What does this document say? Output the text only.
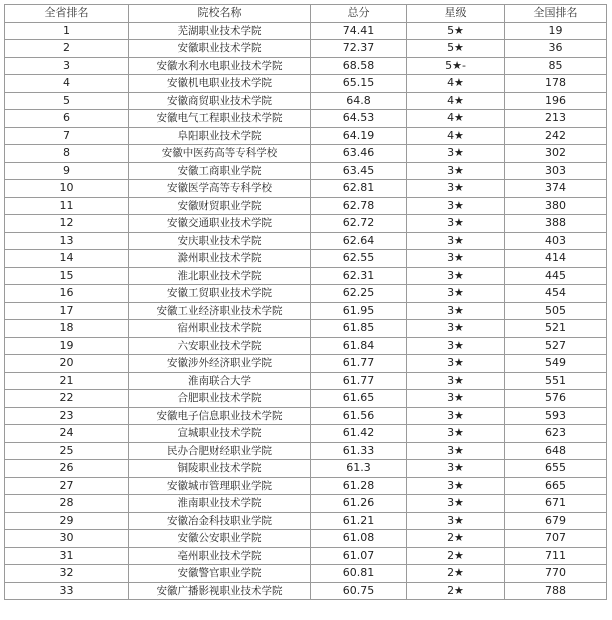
全省排名	院校名称	总分	星级	全国排名
1	芜湖职业技术学院	74.41	5★	19
2	安徽职业技术学院	72.37	5★	36
3	安徽水利水电职业技术学院	68.58	5★-	85
4	安徽机电职业技术学院	65.15	4★	178
5	安徽商贸职业技术学院	64.8	4★	196
6	安徽电气工程职业技术学院	64.53	4★	213
7	阜阳职业技术学院	64.19	4★	242
8	安徽中医药高等专科学校	63.46	3★	302
9	安徽工商职业学院	63.45	3★	303
10	安徽医学高等专科学校	62.81	3★	374
11	安徽财贸职业学院	62.78	3★	380
12	安徽交通职业技术学院	62.72	3★	388
13	安庆职业技术学院	62.64	3★	403
14	滁州职业技术学院	62.55	3★	414
15	淮北职业技术学院	62.31	3★	445
16	安徽工贸职业技术学院	62.25	3★	454
17	安徽工业经济职业技术学院	61.95	3★	505
18	宿州职业技术学院	61.85	3★	521
19	六安职业技术学院	61.84	3★	527
20	安徽涉外经济职业学院	61.77	3★	549
21	淮南联合大学	61.77	3★	551
22	合肥职业技术学院	61.65	3★	576
23	安徽电子信息职业技术学院	61.56	3★	593
24	宣城职业技术学院	61.42	3★	623
25	民办合肥财经职业学院	61.33	3★	648
26	铜陵职业技术学院	61.3	3★	655
27	安徽城市管理职业学院	61.28	3★	665
28	淮南职业技术学院	61.26	3★	671
29	安徽冶金科技职业学院	61.21	3★	679
30	安徽公安职业学院	61.08	2★	707
31	亳州职业技术学院	61.07	2★	711
32	安徽警官职业学院	60.81	2★	770
33	安徽广播影视职业技术学院	60.75	2★	788
